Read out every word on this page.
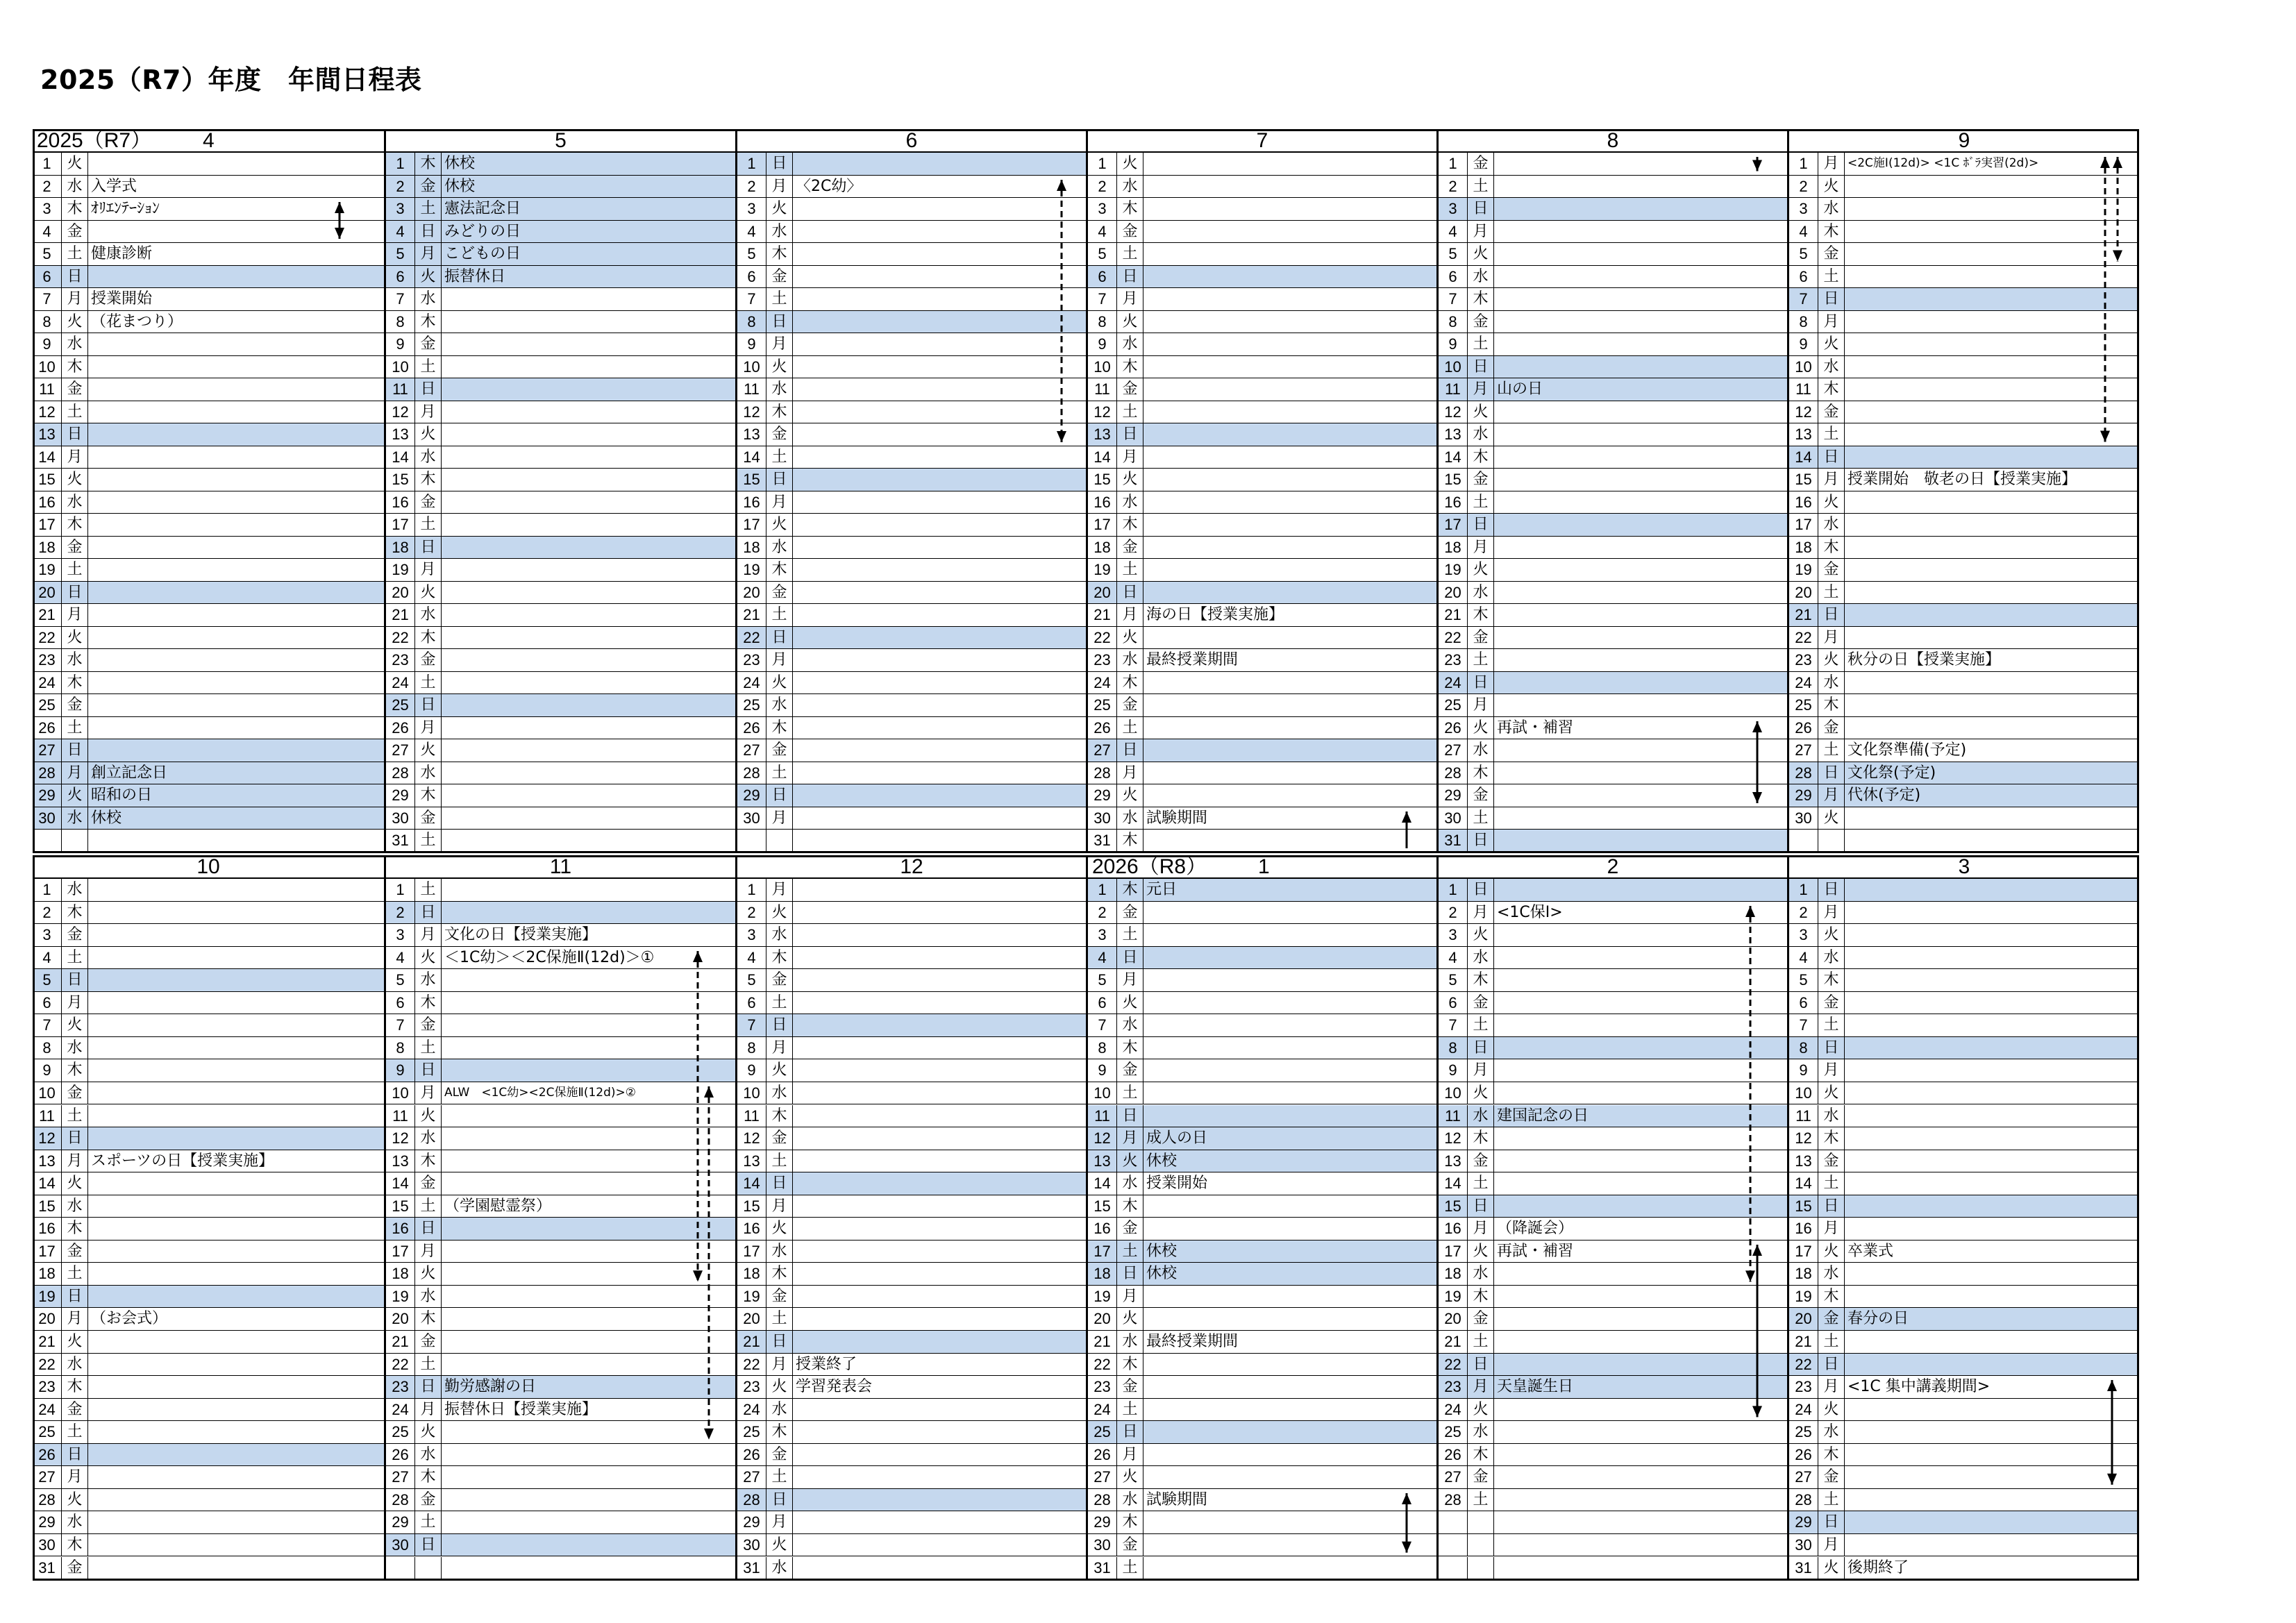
2025（R7）年度　年間日程表
2025（R7） 4
1	火
2	水 入学式
3	木 ｵﾘｴﾝﾃｰｼｮﾝ
4	金
5	土 健康診断
6	日
7	月 授業開始
8	火 （花まつり）
9	水
10 木
11 金
12 土
13 日
14 月
15 火
16 水
17 木
18 金
19 土
20 日
21 月
22 火
23 水
24 木
25 金
26 土
27 日
28 月 創立記念日
29 火 昭和の日
30 水 休校
5
1	木 休校
2	金 休校
3	土 憲法記念日
4	日 みどりの日
5	月 こどもの日
6	火 振替休日
7	水
8	木
9	金
10 土
11 日
12 月
13 火
14 水
15 木
16 金
17 土
18 日
19 月
20 火
21 水
22 木
23 金
24 土
25 日
26 月
27 火
28 水
29 木
30 金
31 土
6
1	日
2	月 〈2C幼〉
3	火
4	水
5	木
6	金
7	土
8	日
9	月
10 火
11 水
12 木
13 金
14 土
15 日
16 月
17 火
18 水
19 木
20 金
21 土
22 日
23 月
24 火
25 水
26 木
27 金
28 土
29 日
30 月
7
1	火
2	水
3	木
4	金
5	土
6	日
7	月
8	火
9	水
10 木
11 金
12 土
13 日
14 月
15 火
16 水
17 木
18 金
19 土
20 日
21 月 海の日【授業実施】
22 火
23 水 最終授業期間
24 木
25 金
26 土
27 日
28 月
29 火
30 水 試験期間
31 木
8
1	金
2	土
3	日
4	月
5	火
6	水
7	木
8	金
9	土
10 日
11 月 山の日
12 火
13 水
14 木
15 金
16 土
17 日
18 月
19 火
20 水
21 木
22 金
23 土
24 日
25 月
26 火 再試・補習
27 水
28 木
29 金
30 土
31 日
9
1	月 <2C施Ⅰ(12d)> <1C ﾎﾞﾗ実習(2d)>
2	火
3	水
4	木
5	金
6	土
7	日
8	月
9	火
10 水
11 木
12 金
13 土
14 日
15 月 授業開始　敬老の日【授業実施】
16 火
17 水
18 木
19 金
20 土
21 日
22 月
23 火 秋分の日【授業実施】
24 水
25 木
26 金
27 土 文化祭準備(予定)
28 日 文化祭(予定)
29 月 代休(予定)
30 火
10
1	水
2	木
3	金
4	土
5	日
6	月
7	火
8	水
9	木
10 金
11 土
12 日
13 月 スポーツの日【授業実施】
14 火
15 水
16 木
17 金
18 土
19 日
20 月 （お会式）
21 火
22 水
23 木
24 金
25 土
26 日
27 月
28 火
29 水
30 木
31 金
11
1	土
2	日
3	月 文化の日【授業実施】
4	火 ＜1C幼＞＜2C保施Ⅱ(12d)＞①
5	水
6	木
7	金
8	土
9	日
10 月 ALW　<1C幼><2C保施Ⅱ(12d)>②
11 火
12 水
13 木
14 金
15 土 （学園慰霊祭）
16 日
17 月
18 火
19 水
20 木
21 金
22 土
23 日 勤労感謝の日
24 月 振替休日【授業実施】
25 火
26 水
27 木
28 金
29 土
30 日
12
1	月
2	火
3	水
4	木
5	金
6	土
7	日
8	月
9	火
10 水
11 木
12 金
13 土
14 日
15 月
16 火
17 水
18 木
19 金
20 土
21 日
22 月 授業終了
23 火 学習発表会
24 水
25 木
26 金
27 土
28 日
29 月
30 火
31 水
2026（R8） 1
1	木 元日
2	金
3	土
4	日
5	月
6	火
7	水
8	木
9	金
10 土
11 日
12 月 成人の日
13 火 休校
14 水 授業開始
15 木
16 金
17 土 休校
18 日 休校
19 月
20 火
21 水 最終授業期間
22 木
23 金
24 土
25 日
26 月
27 火
28 水 試験期間
29 木
30 金
31 土
2
1	日
2	月 <1C保Ⅰ>
3	火
4	水
5	木
6	金
7	土
8	日
9	月
10 火
11 水 建国記念の日
12 木
13 金
14 土
15 日
16 月 （降誕会）
17 火 再試・補習
18 水
19 木
20 金
21 土
22 日
23 月 天皇誕生日
24 火
25 水
26 木
27 金
28 土
3
1	日
2	月
3	火
4	水
5	木
6	金
7	土
8	日
9	月
10 火
11 水
12 木
13 金
14 土
15 日
16 月
17 火 卒業式
18 水
19 木
20 金 春分の日
21 土
22 日
23 月 <1C 集中講義期間>
24 火
25 水
26 木
27 金
28 土
29 日
30 月
31 火 後期終了
